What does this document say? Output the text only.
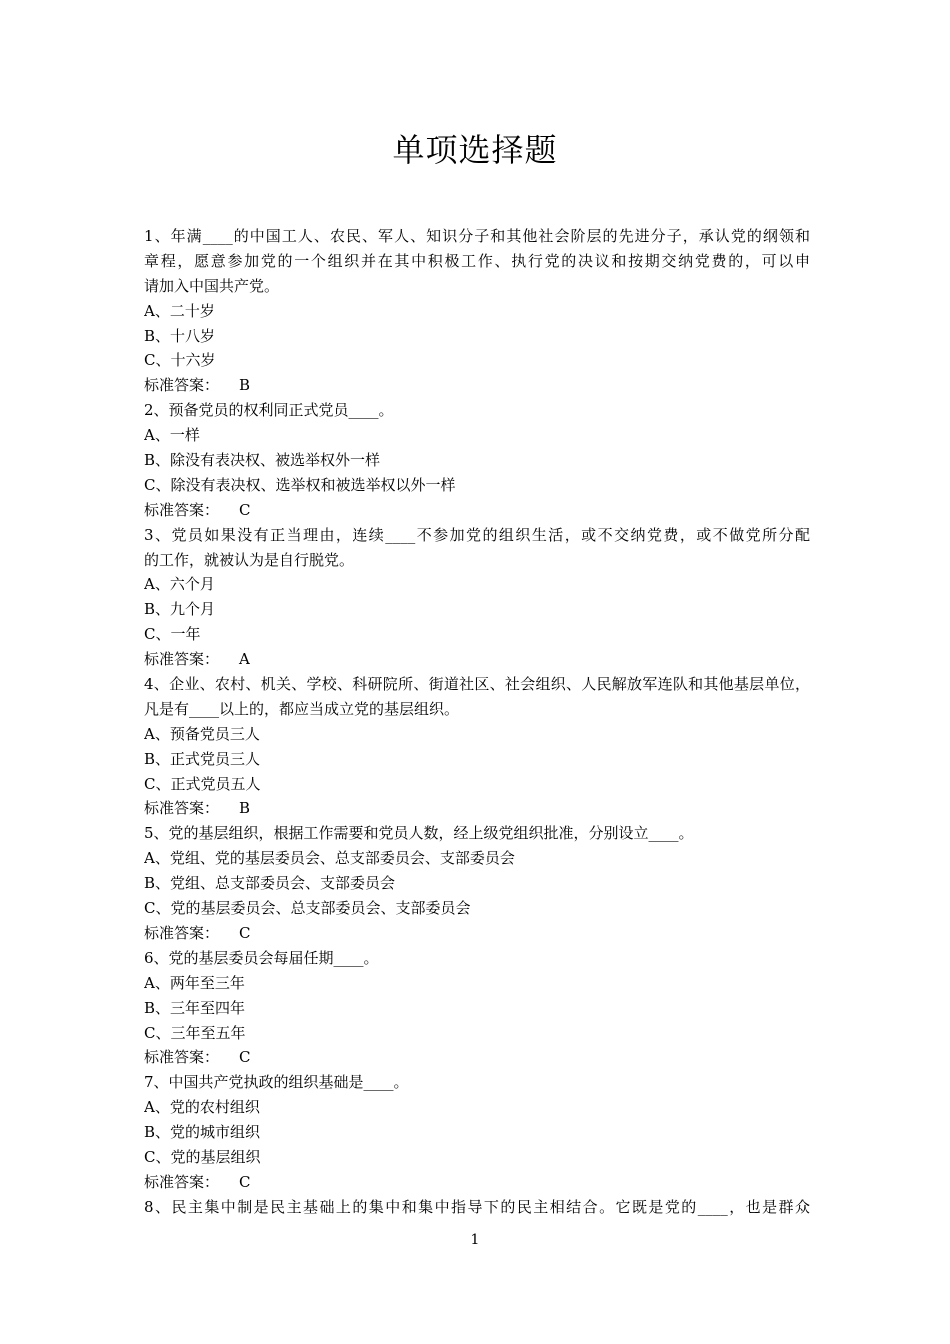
单项选择题
1、年满____的中国工人、农民、军人、知识分子和其他社会阶层的先进分子，承认党的纲领和
章程，愿意参加党的一个组织并在其中积极工作、执行党的决议和按期交纳党费的，可以申
请加入中国共产党。
A、二十岁
B、十八岁
C、十六岁
标准答案： B
2、预备党员的权利同正式党员____。
A、一样
B、除没有表决权、被选举权外一样
C、除没有表决权、选举权和被选举权以外一样
标准答案： C
3、党员如果没有正当理由，连续____不参加党的组织生活，或不交纳党费，或不做党所分配
的工作，就被认为是自行脱党。
A、六个月
B、九个月
C、一年
标准答案： A
4、企业、农村、机关、学校、科研院所、街道社区、社会组织、人民解放军连队和其他基层单位，
凡是有____以上的，都应当成立党的基层组织。
A、预备党员三人
B、正式党员三人
C、正式党员五人
标准答案： B
5、党的基层组织，根据工作需要和党员人数，经上级党组织批准，分别设立____。
A、党组、党的基层委员会、总支部委员会、支部委员会
B、党组、总支部委员会、支部委员会
C、党的基层委员会、总支部委员会、支部委员会
标准答案： C
6、党的基层委员会每届任期____。
A、两年至三年
B、三年至四年
C、三年至五年
标准答案： C
7、中国共产党执政的组织基础是____。
A、党的农村组织
B、党的城市组织
C、党的基层组织
标准答案： C
8、民主集中制是民主基础上的集中和集中指导下的民主相结合。它既是党的____，也是群众
1
